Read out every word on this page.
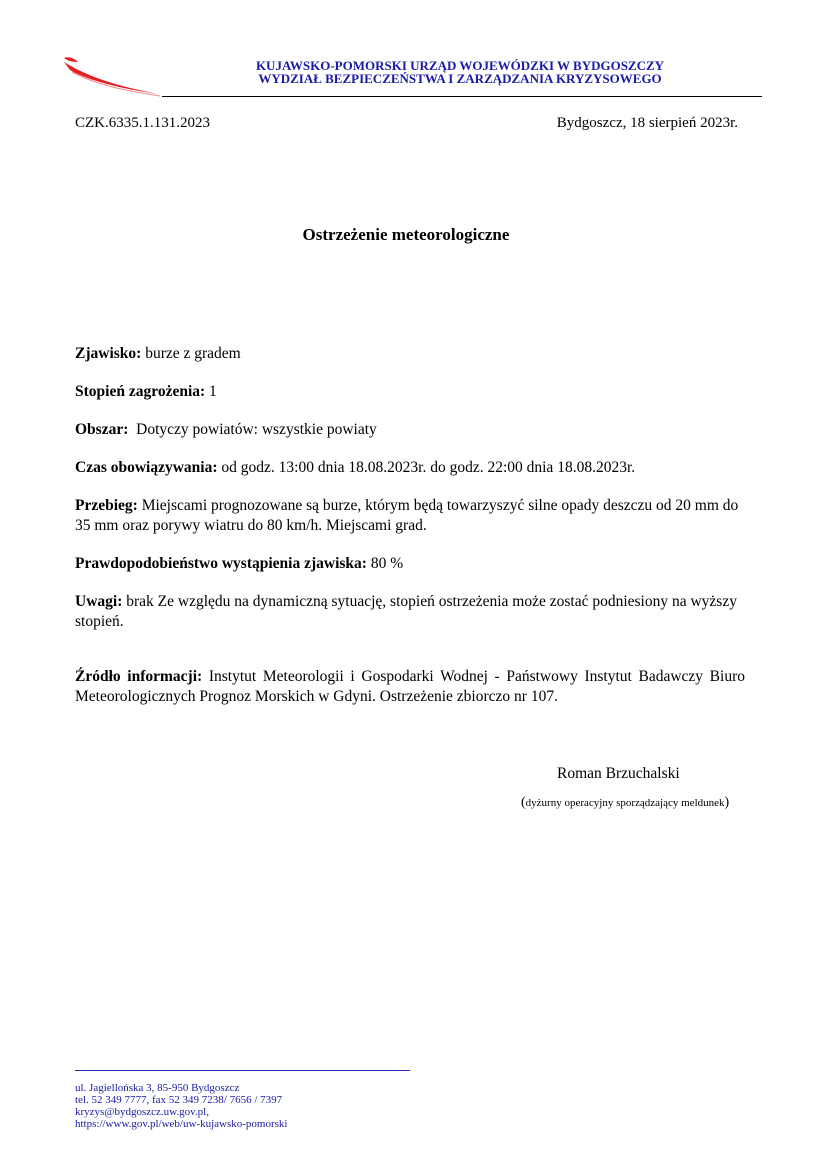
KUJAWSKO-POMORSKI URZĄD WOJEWÓDZKI W BYDGOSZCZY
WYDZIAŁ BEZPIECZEŃSTWA I ZARZĄDZANIA KRYZYSOWEGO
CZK.6335.1.131.2023	Bydgoszcz, 18 sierpień 2023r.
Ostrzeżenie meteorologiczne
Zjawisko: burze z gradem
Stopień zagrożenia: 1
Obszar:  Dotyczy powiatów: wszystkie powiaty
Czas obowiązywania: od godz. 13:00 dnia 18.08.2023r. do godz. 22:00 dnia 18.08.2023r.
Przebieg: Miejscami prognozowane są burze, którym będą towarzyszyć silne opady deszczu od 20 mm do 35 mm oraz porywy wiatru do 80 km/h. Miejscami grad.
Prawdopodobieństwo wystąpienia zjawiska: 80 %
Uwagi: brak Ze względu na dynamiczną sytuację, stopień ostrzeżenia może zostać podniesiony na wyższy stopień.
Źródło informacji: Instytut Meteorologii i Gospodarki Wodnej - Państwowy Instytut Badawczy Biuro Meteorologicznych Prognoz Morskich w Gdyni. Ostrzeżenie zbiorczo nr 107.
Roman Brzuchalski
(dyżurny operacyjny sporządzający meldunek)
ul. Jagiellońska 3, 85-950 Bydgoszcz
tel. 52 349 7777, fax 52 349 7238/ 7656 / 7397
kryzys@bydgoszcz.uw.gov.pl,
https://www.gov.pl/web/uw-kujawsko-pomorski
